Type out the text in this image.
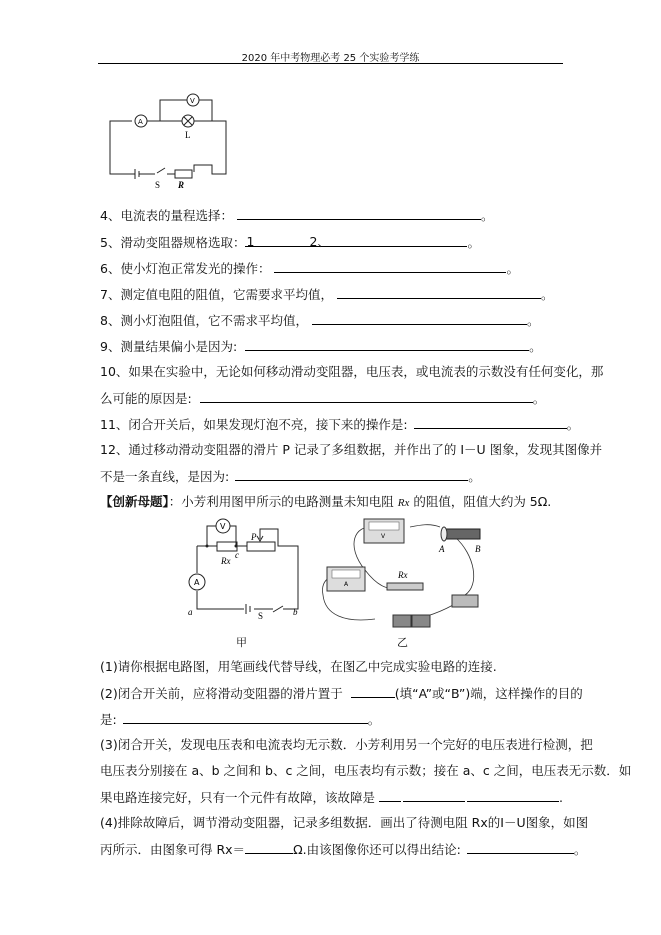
2020 年中考物理必考 25 个实验考学练
A
V
L
S R
4、电流表的量程选择：	。
5、滑动变阻器规格选取： 1	2、	。
6、使小灯泡正常发光的操作：	。
7、测定值电阻的阻值，它需要求平均值，	。
8、测小灯泡阻值，它不需求平均值，	。
9、测量结果偏小是因为:	。
10、如果在实验中，无论如何移动滑动变阻器，电压表，或电流表的示数没有任何变化，那
么可能的原因是:	。
11、闭合开关后，如果发现灯泡不亮，接下来的操作是:	。
12、通过移动滑动变阻器的滑片 P 记录了多组数据，并作出了的 I－U 图象，发现其图像并
不是一条直线，是因为:	。
【创新母题】：小芳利用图甲所示的电路测量未知电阻 Rx 的阻值，阻值大约为 5Ω.
A
V
Rx
c
P
a	b
S
甲
V
A
A	B
Rx
乙
(1)请你根据电路图，用笔画线代替导线，在图乙中完成实验电路的连接.
(2)闭合开关前，应将滑动变阻器的滑片置于	(填“A”或“B”)端，这样操作的目的
是:	。
(3)闭合开关，发现电压表和电流表均无示数．小芳利用另一个完好的电压表进行检测，把
电压表分别接在 a、b 之间和 b、c 之间，电压表均有示数；接在 a、c 之间，电压表无示数．如
果电路连接完好，只有一个元件有故障，该故障是	.
(4)排除故障后，调节滑动变阻器，记录多组数据．画出了待测电阻 Rx的I－U图象，如图
丙所示．由图象可得 Rx＝	Ω.由该图像你还可以得出结论:	。
